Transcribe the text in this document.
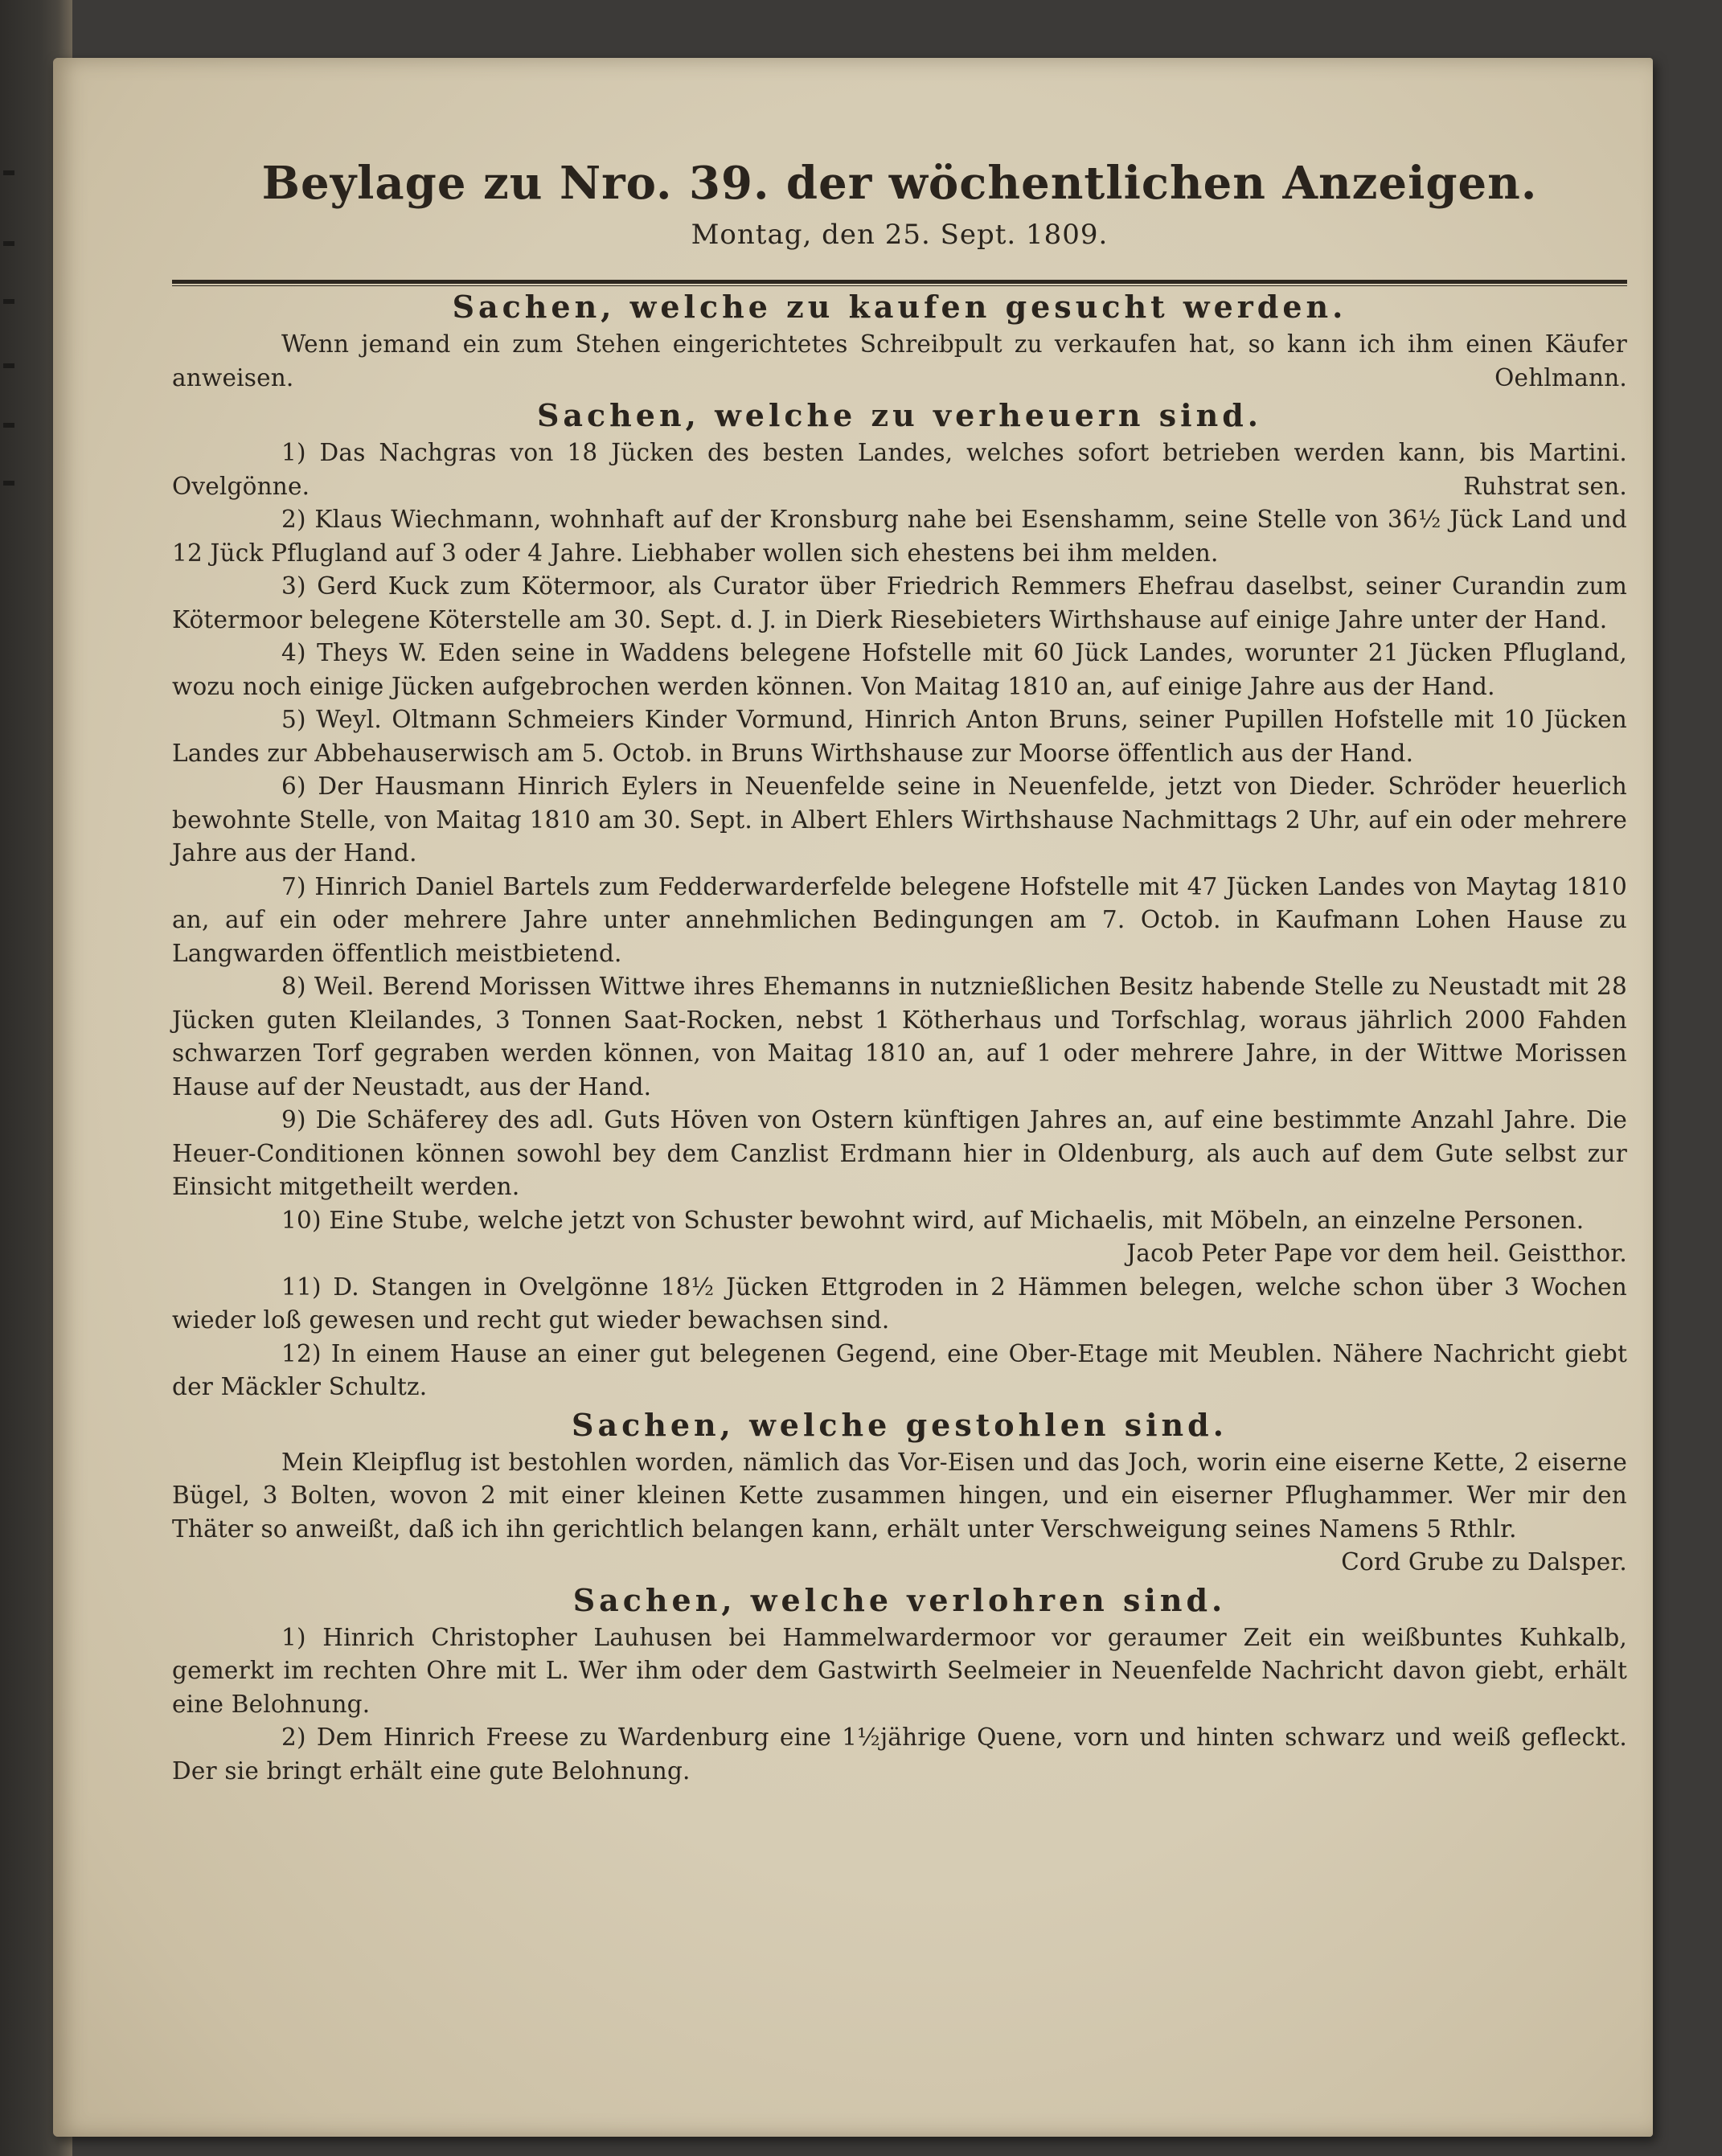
Beylage zu Nro. 39. der wöchentlichen Anzeigen.

Montag, den 25. Sept. 1809.

Sachen, welche zu kaufen gesucht werden.

Wenn jemand ein zum Stehen eingerichtetes Schreibpult zu verkaufen hat, so kann ich ihm einen Käufer anweisen.	Oehlmann.

Sachen, welche zu verheuern sind.

1) Das Nachgras von 18 Jücken des besten Landes, welches sofort betrieben werden kann, bis Martini. Ovelgönne.	Ruhstrat sen.

2) Klaus Wiechmann, wohnhaft auf der Kronsburg nahe bei Esenshamm, seine Stelle von 36½ Jück Land und 12 Jück Pflugland auf 3 oder 4 Jahre. Liebhaber wollen sich ehestens bei ihm melden.

3) Gerd Kuck zum Kötermoor, als Curator über Friedrich Remmers Ehefrau daselbst, seiner Curandin zum Kötermoor belegene Köterstelle am 30. Sept. d. J. in Dierk Riesebieters Wirthshause auf einige Jahre unter der Hand.

4) Theys W. Eden seine in Waddens belegene Hofstelle mit 60 Jück Landes, worunter 21 Jücken Pflugland, wozu noch einige Jücken aufgebrochen werden können. Von Maitag 1810 an, auf einige Jahre aus der Hand.

5) Weyl. Oltmann Schmeiers Kinder Vormund, Hinrich Anton Bruns, seiner Pupillen Hofstelle mit 10 Jücken Landes zur Abbehauserwisch am 5. Octob. in Bruns Wirthshause zur Moorse öffentlich aus der Hand.

6) Der Hausmann Hinrich Eylers in Neuenfelde seine in Neuenfelde, jetzt von Dieder. Schröder heuerlich bewohnte Stelle, von Maitag 1810 am 30. Sept. in Albert Ehlers Wirthshause Nachmittags 2 Uhr, auf ein oder mehrere Jahre aus der Hand.

7) Hinrich Daniel Bartels zum Fedderwarderfelde belegene Hofstelle mit 47 Jücken Landes von Maytag 1810 an, auf ein oder mehrere Jahre unter annehmlichen Bedingungen am 7. Octob. in Kaufmann Lohen Hause zu Langwarden öffentlich meistbietend.

8) Weil. Berend Morissen Wittwe ihres Ehemanns in nutznießlichen Besitz habende Stelle zu Neustadt mit 28 Jücken guten Kleilandes, 3 Tonnen Saat-Rocken, nebst 1 Kötherhaus und Torfschlag, woraus jährlich 2000 Fahden schwarzen Torf gegraben werden können, von Maitag 1810 an, auf 1 oder mehrere Jahre, in der Wittwe Morissen Hause auf der Neustadt, aus der Hand.

9) Die Schäferey des adl. Guts Höven von Ostern künftigen Jahres an, auf eine bestimmte Anzahl Jahre. Die Heuer-Conditionen können sowohl bey dem Canzlist Erdmann hier in Oldenburg, als auch auf dem Gute selbst zur Einsicht mitgetheilt werden.

10) Eine Stube, welche jetzt von Schuster bewohnt wird, auf Michaelis, mit Möbeln, an einzelne Personen.
Jacob Peter Pape vor dem heil. Geistthor.

11) D. Stangen in Ovelgönne 18½ Jücken Ettgroden in 2 Hämmen belegen, welche schon über 3 Wochen wieder loß gewesen und recht gut wieder bewachsen sind.

12) In einem Hause an einer gut belegenen Gegend, eine Ober-Etage mit Meublen. Nähere Nachricht giebt der Mäckler Schultz.

Sachen, welche gestohlen sind.

Mein Kleipflug ist bestohlen worden, nämlich das Vor-Eisen und das Joch, worin eine eiserne Kette, 2 eiserne Bügel, 3 Bolten, wovon 2 mit einer kleinen Kette zusammen hingen, und ein eiserner Pflughammer. Wer mir den Thäter so anweißt, daß ich ihn gerichtlich belangen kann, erhält unter Verschweigung seines Namens 5 Rthlr.
Cord Grube zu Dalsper.

Sachen, welche verlohren sind.

1) Hinrich Christopher Lauhusen bei Hammelwardermoor vor geraumer Zeit ein weißbuntes Kuhkalb, gemerkt im rechten Ohre mit L. Wer ihm oder dem Gastwirth Seelmeier in Neuenfelde Nachricht davon giebt, erhält eine Belohnung.

2) Dem Hinrich Freese zu Wardenburg eine 1½jährige Quene, vorn und hinten schwarz und weiß gefleckt. Der sie bringt erhält eine gute Belohnung.
